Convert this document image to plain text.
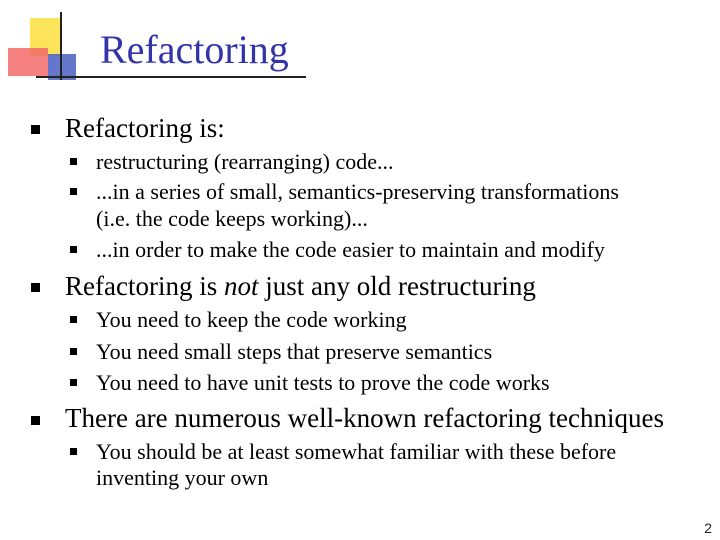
Refactoring
Refactoring is:
restructuring (rearranging) code...
...in a series of small, semantics-preserving transformations
(i.e. the code keeps working)...
...in order to make the code easier to maintain and modify
Refactoring is not just any old restructuring
You need to keep the code working
You need small steps that preserve semantics
You need to have unit tests to prove the code works
There are numerous well-known refactoring techniques
You should be at least somewhat familiar with these before
inventing your own
2
